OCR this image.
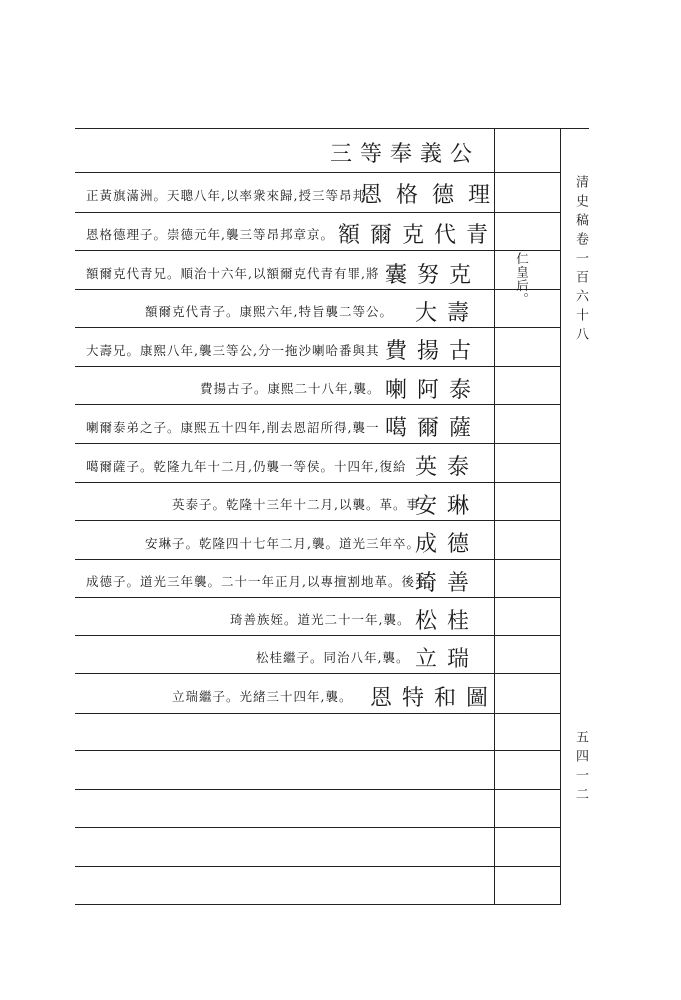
清史稿卷一百六十八
五四一二
仁皇后。
三等奉義公
恩格德理
額爾克代青
囊努克
大壽
費揚古
喇阿泰
噶爾薩
英泰
安琳
成德
琦善
松桂
立瑞
恩特和圖
正黃旗滿洲。天聰八年,以率衆來歸,授三等昂邦
恩格德理子。崇德元年,襲三等昂邦章京。
額爾克代青兄。順治十六年,以額爾克代青有罪,將
額爾克代青子。康熙六年,特旨襲二等公。
大壽兄。康熙八年,襲三等公,分一拖沙喇哈番與其
費揚古子。康熙二十八年,襲。
喇爾泰弟之子。康熙五十四年,削去恩詔所得,襲一
噶爾薩子。乾隆九年十二月,仍襲一等侯。十四年,復給
英泰子。乾隆十三年十二月,以襲。革。事
安琳子。乾隆四十七年二月,襲。道光三年卒。
成德子。道光三年襲。二十一年正月,以專擅割地革。後卒。
琦善族姪。道光二十一年,襲。
松桂繼子。同治八年,襲。
立瑞繼子。光緒三十四年,襲。
